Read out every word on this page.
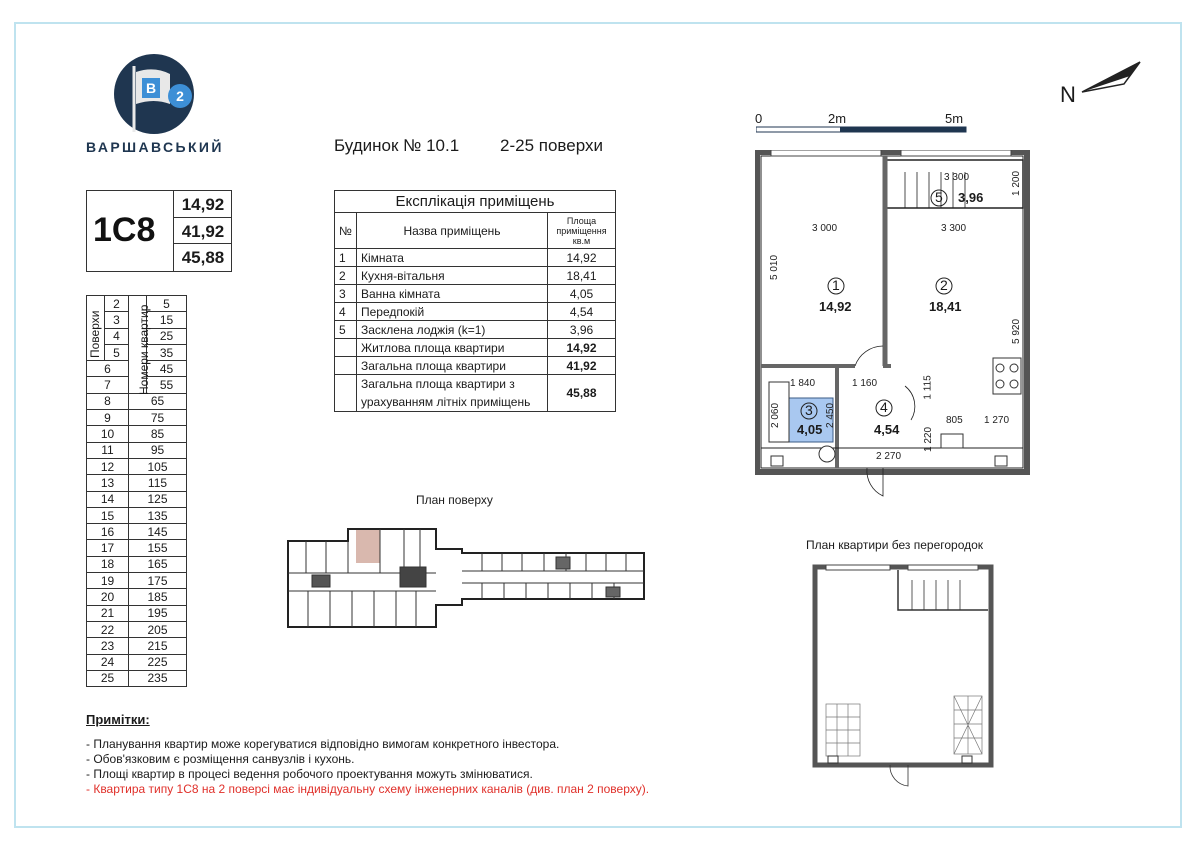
B 2
ВАРШАВСЬКИЙ
1С8
14,92
41,92
45,88
Будинок № 10.1 2-25 поверхи
Експлікація приміщень		
№	Назва приміщень	Площа приміщення кв.м
1	Кімната	14,92
2	Кухня-вітальня	18,41
3	Ванна кімната	4,05
4	Передпокій	4,54
5	Засклена лоджія (k=1)	3,96
	Житлова площа квартири	14,92
	Загальна площа квартири	41,92

	Загальна площа квартири з
урахуванням літніх приміщень	45,88
	2		5
	3		15
	4		25
	5		35
6			45
7			55
8		65	
9		75	
10		85	
11		95	
12		105	
13		115	
14		125	
15		135	
16		145	
17		155	
18		165	
19		175	
20		185	
21		195	
22		205	
23		215	
24		225	
25		235	
Поверхи	Номери квартир
План поверху
0	2m	5m
N
1
14,92
2
18,41
3
4,05
4
4,54
5 3,96
3 300	1 200
3 000	3 300
5 010
5 920
1 840	1 160	1 115
2 060	2 450	805 1 270
1 220
2 270
План квартири без перегородок
Примітки:
- Планування квартир може корегуватися відповідно вимогам конкретного інвестора.
- Обов'язковим є розміщення санвузлів і кухонь.
- Площі квартир в процесі ведення робочого проектування можуть змінюватися.
- Квартира типу 1С8 на 2 поверсі має індивідуальну схему інженерних каналів (див. план 2 поверху).
